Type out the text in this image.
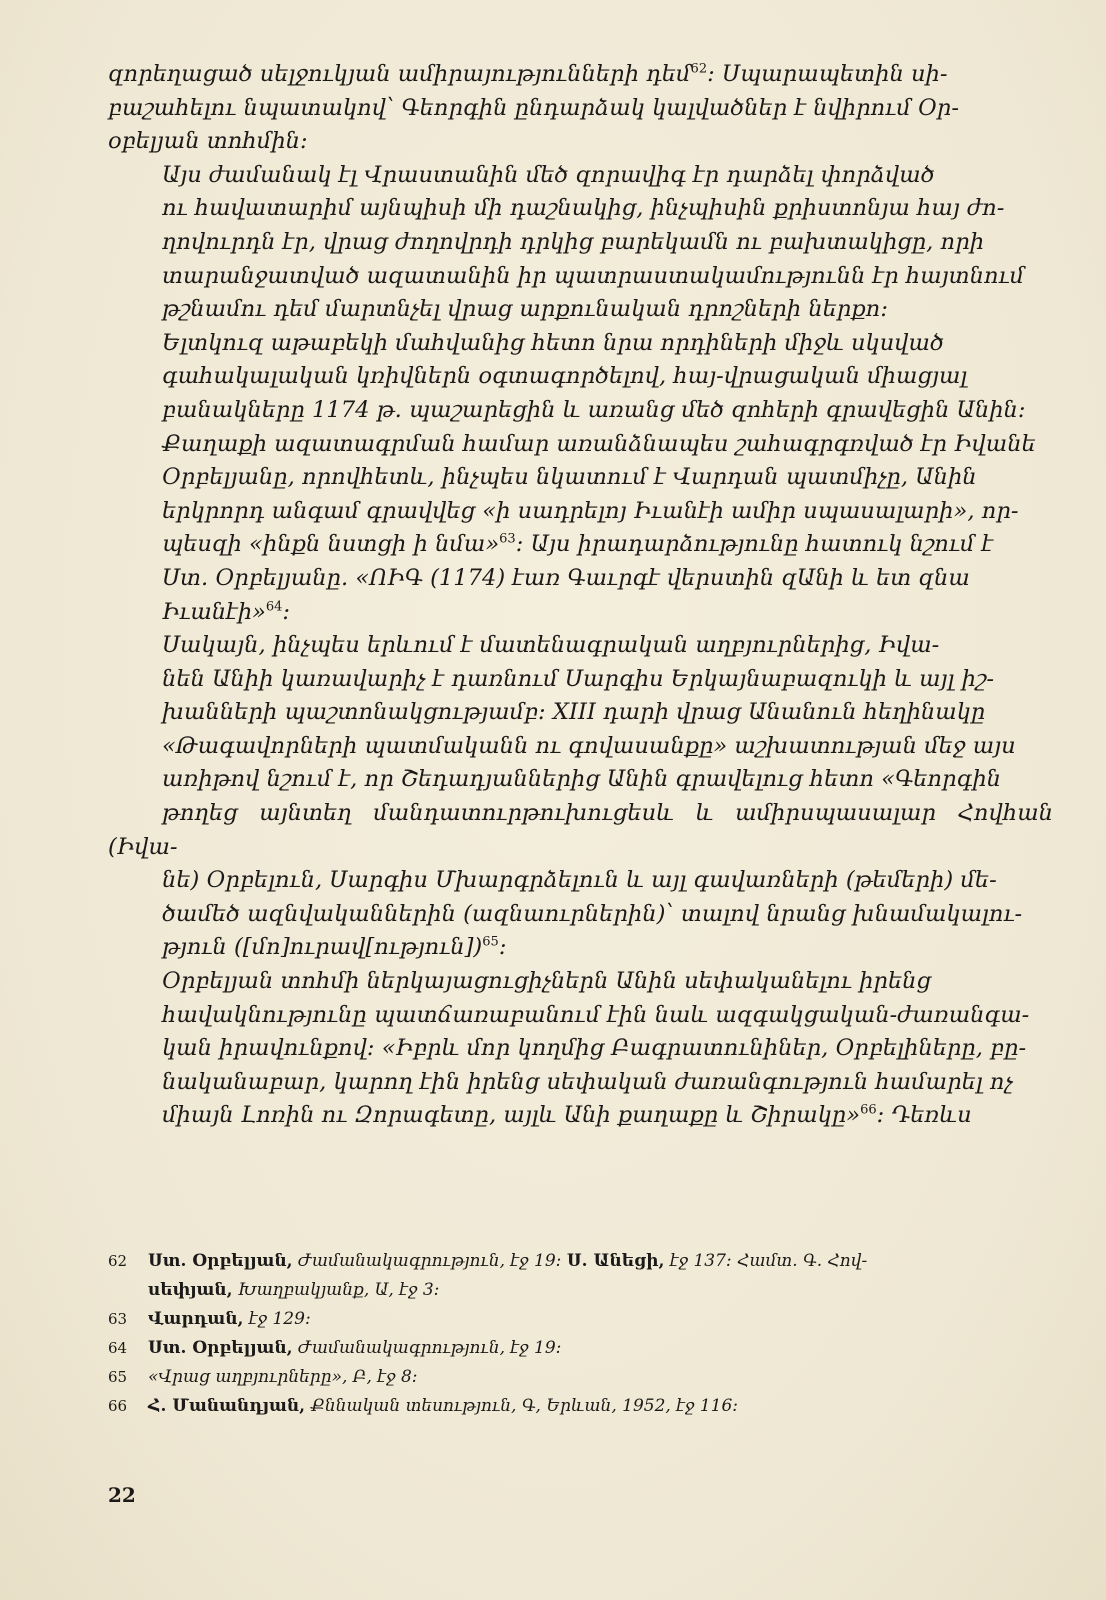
զորեղացած սելջուկյան ամիրայությունների դեմ$^{62}$։ Սպարապետին սի-
բաշահելու նպատակով՝ Գեորգին ընդարձակ կալվածներ է նվիրում Օր-
օբելյան տոհմին։

Այս ժամանակ էլ Վրաստանին մեծ զորավիգ էր դարձել փորձված
ու հավատարիմ այնպիսի մի դաշնակից, ինչպիսին քրիստոնյա հայ ժո-
ղովուրդն էր, վրաց ժողովրդի դրկից բարեկամն ու բախտակիցը, որի
տարանջատված ազատանին իր պատրաստակամությունն էր հայտնում
թշնամու դեմ մարտնչել վրաց արքունական դրոշների ներքո։

Ելտկուզ աթաբեկի մահվանից հետո նրա որդիների միջև սկսված
գահակալական կռիվներն օգտագործելով, հայ-վրացական միացյալ
բանակները 1174 թ. պաշարեցին և առանց մեծ զոհերի գրավեցին Անին։
Քաղաքի ազատագրման համար առանձնապես շահագրգռված էր Իվանե
Օրբելյանը, որովհետև, ինչպես նկատում է Վարդան պատմիչը, Անին
երկրորդ անգամ գրավվեց «ի սադրելոյ Իւանէի ամիր սպասալարի», որ-
պեսզի «ինքն նստցի ի նմա»$^{63}$։ Այս իրադարձությունը հատուկ նշում է
Ստ. Օրբելյանը. «ՈԻԳ (1174) էառ Գաւրգէ վերստին զԱնի և ետ զնա
Իւանէի»$^{64}$։

Սակայն, ինչպես երևում է մատենագրական աղբյուրներից, Իվա-
նեն Անիի կառավարիչ է դառնում Սարգիս Երկայնաբազուկի և այլ իշ-
խանների պաշտոնակցությամբ։ XIII դարի վրաց Անանուն հեղինակը
«Թագավորների պատմականն ու գովասանքը» աշխատության մեջ այս
առիթով նշում է, որ Շեդադյաններից Անին գրավելուց հետո «Գեորգին
թողեց այնտեղ մանդատուրթուխուցեսև և ամիրսպասալար Հովհան (Իվա-
նե) Օրբելուն, Սարգիս Մխարգրձելուն և այլ գավառների (թեմերի) մե-
ծամեծ ազնվականներին (ազնաուրներին)՝ տալով նրանց խնամակալու-
թյուն ([մո]ուրավ[ություն])$^{65}$։

Օրբելյան տոհմի ներկայացուցիչներն Անին սեփականելու իրենց
հավակնությունը պատճառաբանում էին նաև ազգակցական-ժառանգա-
կան իրավունքով։ «Իբրև մոր կողմից Բագրատունիներ, Օրբելիները, բը-
նականաբար, կարող էին իրենց սեփական ժառանգություն համարել ոչ
միայն Լոռին ու Զորագետը, այլև Անի քաղաքը և Շիրակը»$^{66}$։ Դեռևս

62 Ստ. Օրբելյան, Ժամանակագրություն, էջ 19։ Ս. Անեցի, էջ 137։ Համտ. Գ. Հով-
սեփյան, Խաղբակյանք, Ա, էջ 3։

63 Վարդան, էջ 129։

64 Ստ. Օրբելյան, Ժամանակագրություն, էջ 19։

65 «Վրաց աղբյուրները», Բ, էջ 8։

66 Հ. Մանանդյան, Քննական տեսություն, Գ, Երևան, 1952, էջ 116։

22
